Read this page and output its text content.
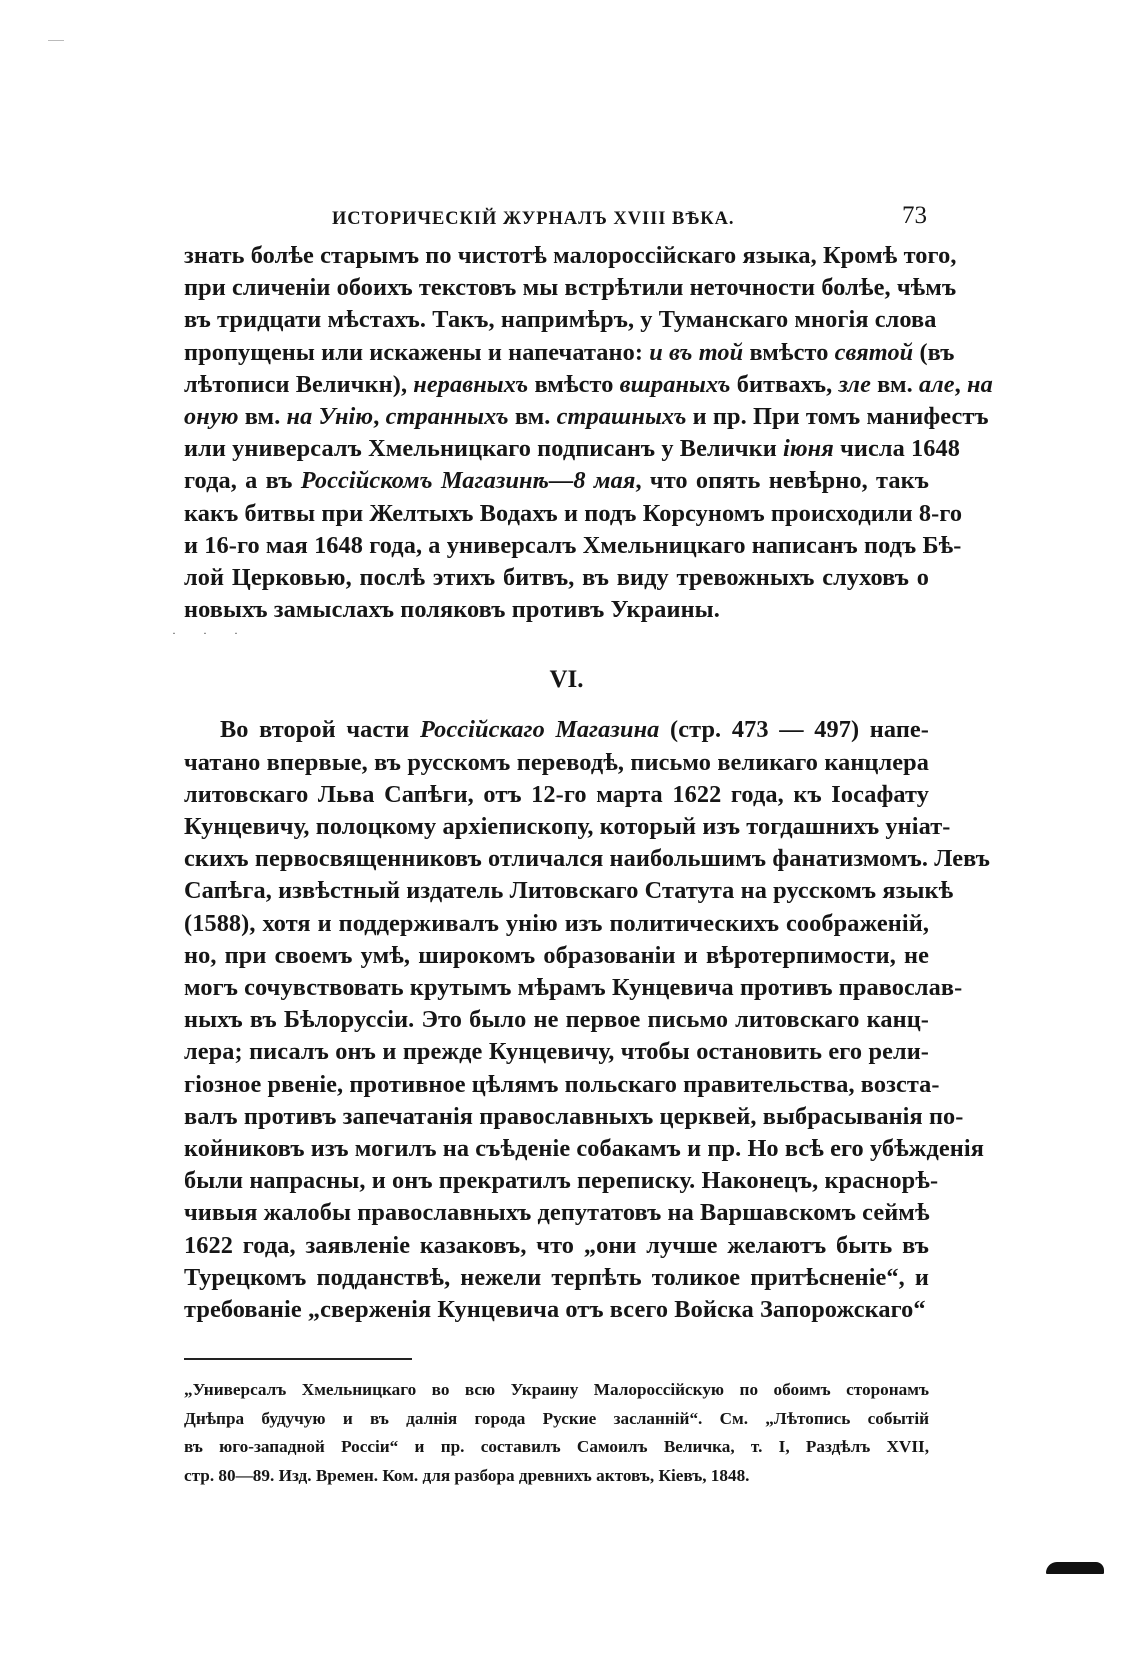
ИСТОРИЧЕСКІЙ ЖУРНАЛЪ XVIII ВѢКА.	73
знать болѣе старымъ по чистотѣ малороссійскаго языка, Кромѣ того,
при сличеніи обоихъ текстовъ мы встрѣтили неточности болѣе, чѣмъ
въ тридцати мѣстахъ. Такъ, напримѣръ, у Туманскаго многія слова
пропущены или искажены и напечатано: и въ той вмѣсто святой (въ
лѣтописи Величкн), неравныхъ вмѣсто вшраныхъ битвахъ, зле вм. але, на
оную вм. на Унію, странныхъ вм. страшныхъ и пр. При томъ манифестъ
или универсалъ Хмельницкаго подписанъ у Велички іюня числа 1648
года, а въ Россійскомъ Магазинѣ—8 мая, что опять невѣрно, такъ
какъ битвы при Желтыхъ Водахъ и подъ Корсуномъ происходили 8-го
и 16-го мая 1648 года, а универсалъ Хмельницкаго написанъ подъ Бѣ-
лой Церковью, послѣ этихъ битвъ, въ виду тревожныхъ слуховъ о
новыхъ замыслахъ поляковъ противъ Украины.
· · ·
VI.
Во второй части Россійскаго Магазина (стр. 473 — 497) напе-
чатано впервые, въ русскомъ переводѣ, письмо великаго канцлера
литовскаго Льва Сапѣги, отъ 12-го марта 1622 года, къ Іосафату
Кунцевичу, полоцкому архіепископу, который изъ тогдашнихъ уніат-
скихъ первосвященниковъ отличался наибольшимъ фанатизмомъ. Левъ
Сапѣга, извѣстный издатель Литовскаго Статута на русскомъ языкѣ
(1588), хотя и поддерживалъ унію изъ политическихъ соображеній,
но, при своемъ умѣ, широкомъ образованіи и вѣротерпимости, не
могъ сочувствовать крутымъ мѣрамъ Кунцевича противъ православ-
ныхъ въ Бѣлоруссіи. Это было не первое письмо литовскаго канц-
лера; писалъ онъ и прежде Кунцевичу, чтобы остановить его рели-
гіозное рвеніе, противное цѣлямъ польскаго правительства, возста-
валъ противъ запечатанія православныхъ церквей, выбрасыванія по-
койниковъ изъ могилъ на съѣденіе собакамъ и пр. Но всѣ его убѣжденія
были напрасны, и онъ прекратилъ переписку. Наконецъ, краснорѣ-
чивыя жалобы православныхъ депутатовъ на Варшавскомъ сеймѣ
1622 года, заявленіе казаковъ, что „они лучше желаютъ быть въ
Турецкомъ подданствѣ, нежели терпѣть толикое притѣсненіе“, и
требованіе „сверженія Кунцевича отъ всего Войска Запорожскаго“
„Универсалъ Хмельницкаго во всю Украину Малороссійскую по обоимъ сторонамъ
Днѣпра будучую и въ далнія города Руские засланній“. См. „Лѣтопись событій
въ юго-западной Россіи“ и пр. составилъ Самоилъ Величка, т. I, Раздѣлъ XVII,
стр. 80—89. Изд. Времен. Ком. для разбора древнихъ актовъ, Кіевъ, 1848.
